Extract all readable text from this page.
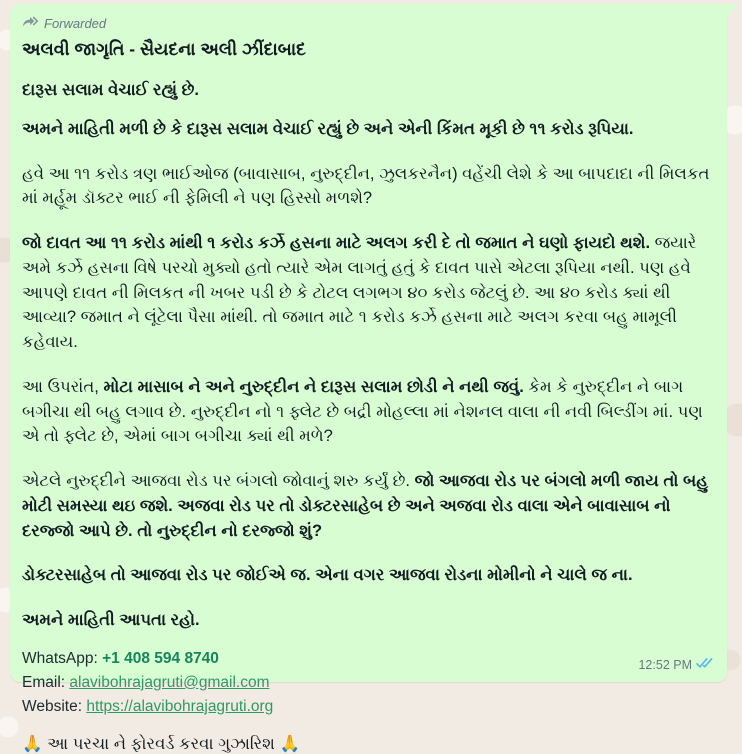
Forwarded
અલવી જાગૃતિ - સૈયદના અલી ઝીંદાબાદ

દારૂસ સલામ વેચાઈ રહ્યું છે.

અમને માહિતી મળી છે કે દારૂસ સલામ વેચાઈ રહ્યું છે અને એની કિંમત મૂકી છે ૧૧ કરોડ રૂપિયા.

હવે આ ૧૧ કરોડ ત્રણ ભાઈઓજ (બાવાસાબ, નુરુદ્દીન, ઝુલકરનૈન) વહેંચી લેશે કે આ બાપદાદા ની મિલકત માં મર્હૂમ ડૉક્ટર ભાઈ ની ફેમિલી ને પણ હિસ્સો મળશે?

જો દાવત આ ૧૧ કરોડ માંથી ૧ કરોડ કર્ઝે હસના માટે અલગ કરી દે તો જમાત ને ઘણો ફાયદો થશે. જયારે અમે કર્ઝે હસના વિષે પરચો મુક્યો હતો ત્યારે એમ લાગતું હતું કે દાવત પાસે એટલા રૂપિયા નથી. પણ હવે આપણે દાવત ની મિલકત ની ખબર પડી છે કે ટોટલ લગભગ ૪૦ કરોડ જેટલું છે. આ ૪૦ કરોડ ક્યાં થી આવ્યા? જમાત ને લૂંટેલા પૈસા માંથી. તો જમાત માટે ૧ કરોડ કર્ઝે હસના માટે અલગ કરવા બહુ મામૂલી કહેવાય.

આ ઉપરાંત, મોટા માસાબ ને અને નુરુદ્દીન ને દારૂસ સલામ છોડી ને નથી જવું. કેમ કે નુરુદ્દીન ને બાગ બગીચા થી બહુ લગાવ છે. નુરુદ્દીન નો ૧ ફ્લેટ છે બદ્રી મોહલ્લા માં નેશનલ વાલા ની નવી બિલ્ડીંગ માં. પણ એ તો ફ્લેટ છે, એમાં બાગ બગીચા ક્યાં થી મળે?

એટલે નુરુદ્દીને આજવા રોડ પર બંગલો જોવાનું શરુ કર્યું છે. જો આજવા રોડ પર બંગલો મળી જાય તો બહુ મોટી સમસ્યા થઇ જશે. અજવા રોડ પર તો ડોક્ટરસાહેબ છે અને અજવા રોડ વાલા એને બાવાસાબ નો દરજ્જો આપે છે. તો નુરુદ્દીન નો દરજ્જો શું?

ડોક્ટરસાહેબ તો આજવા રોડ પર જોઈએ જ. એના વગર આજવા રોડના મોમીનો ને ચાલે જ ના.

અમને માહિતી આપતા રહો.

WhatsApp: +1 408 594 8740
Email: alavibohrajagruti@gmail.com
Website: https://alavibohrajagruti.org
🙏 આ પરચા ને ફોરવર્ડ કરવા ગુઝારિશ 🙏
12:52 PM
